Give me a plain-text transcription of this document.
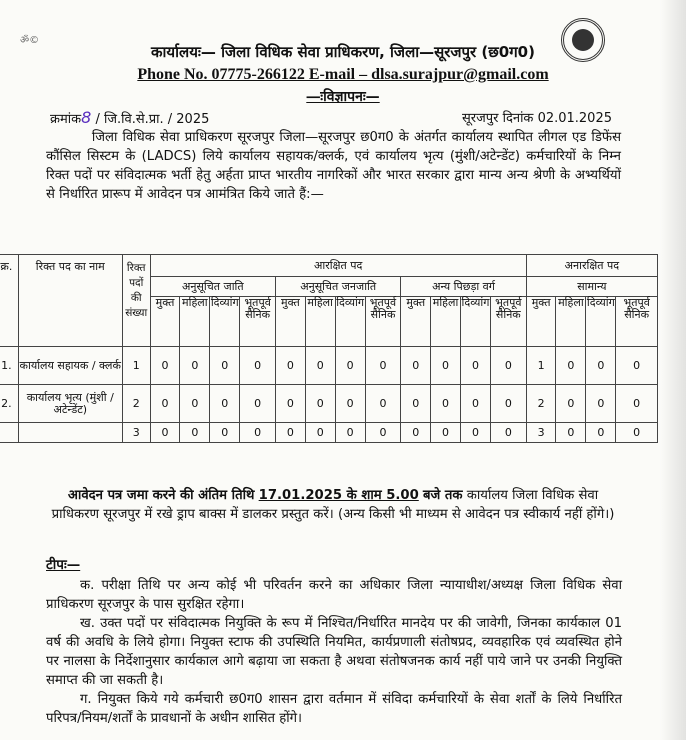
ॐ©
कार्यालयः— जिला विधिक सेवा प्राधिकरण, जिला—सूरजपुर (छ0ग0)
Phone No. 07775-266122 E-mail – dlsa.surajpur@gmail.com
—ःविज्ञापनः—
क्रमांक8 / जि.वि.से.प्रा. / 2025	सूरजपुर दिनांक 02.01.2025
जिला विधिक सेवा प्राधिकरण सूरजपुर जिला—सूरजपुर छ0ग0 के अंतर्गत कार्यालय स्थापित लीगल एड डिफेंस कौंसिल सिस्टम के (LADCS) लिये कार्यालय सहायक/क्लर्क, एवं कार्यालय भृत्य (मुंशी/अटेन्डेंट) कर्मचारियों के निम्न रिक्त पदों पर संविदात्मक भर्ती हेतु अर्हता प्राप्त भारतीय नागरिकों और भारत सरकार द्वारा मान्य अन्य श्रेणी के अभ्यर्थियों से निर्धारित प्रारूप में आवेदन पत्र आमंत्रित किये जाते हैं:—
क्र.	रिक्त पद का नाम	रिक्त पदों की संख्या	आरक्षित पद												अनारक्षित पद			
			अनुसूचित जाति				अनुसूचित जनजाति				अन्य पिछड़ा वर्ग				सामान्य			
			मुक्त	महिला	दिव्यांग	भूतपूर्व सैनिक	मुक्त	महिला	दिव्यांग	भूतपूर्व सैनिक	मुक्त	महिला	दिव्यांग	भूतपूर्व सैनिक	मुक्त	महिला	दिव्यांग	भूतपूर्व सैनिक
1.	कार्यालय सहायक / क्लर्क	1	0	0	0	0	0	0	0	0	0	0	0	0	1	0	0	0
2.	कार्यालय भृत्य (मुंशी / अटेन्डेंट)	2	0	0	0	0	0	0	0	0	0	0	0	0	2	0	0	0
		3	0	0	0	0	0	0	0	0	0	0	0	0	3	0	0	0
आवेदन पत्र जमा करने की अंतिम तिथि 17.01.2025 के शाम 5.00 बजे तक कार्यालय जिला विधिक सेवा प्राधिकरण सूरजपुर में रखे ड्राप बाक्स में डालकर प्रस्तुत करें। (अन्य किसी भी माध्यम से आवेदन पत्र स्वीकार्य नहीं होंगे।)
टीपः—

क. परीक्षा तिथि पर अन्य कोई भी परिवर्तन करने का अधिकार जिला न्यायाधीश/अध्यक्ष जिला विधिक सेवा प्राधिकरण सूरजपुर के पास सुरक्षित रहेगा।

ख. उक्त पदों पर संविदात्मक नियुक्ति के रूप में निश्चित/निर्धारित मानदेय पर की जावेगी, जिनका कार्यकाल 01 वर्ष की अवधि के लिये होगा। नियुक्त स्टाफ की उपस्थिति नियमित, कार्यप्रणाली संतोषप्रद, व्यवहारिक एवं व्यवस्थित होने पर नालसा के निर्देशानुसार कार्यकाल आगे बढ़ाया जा सकता है अथवा संतोषजनक कार्य नहीं पाये जाने पर उनकी नियुक्ति समाप्त की जा सकती है।

ग. नियुक्त किये गये कर्मचारी छ0ग0 शासन द्वारा वर्तमान में संविदा कर्मचारियों के सेवा शर्तों के लिये निर्धारित परिपत्र/नियम/शर्तों के प्रावधानों के अधीन शासित होंगे।
